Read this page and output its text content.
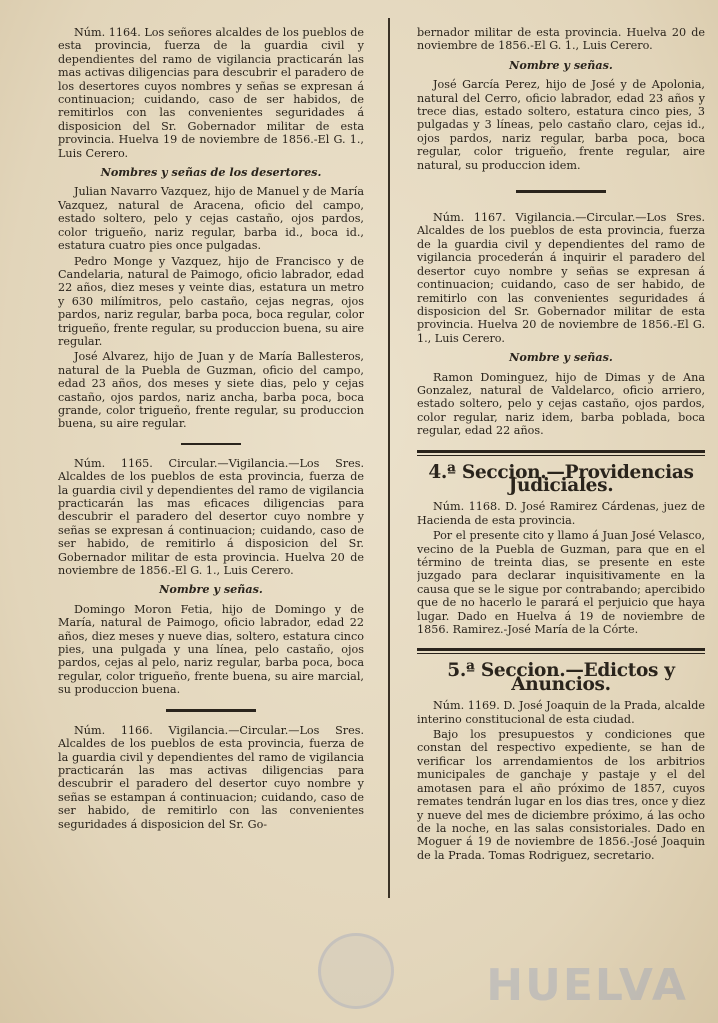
Núm. 1164. Los señores alcaldes de los pueblos de esta provincia, fuerza de la guardia civil y dependientes del ramo de vigilancia practicarán las mas activas diligencias para descubrir el paradero de los desertores cuyos nombres y señas se expresan á continuacion; cuidando, caso de ser habidos, de remitirlos con las convenientes seguridades á disposicion del Sr. Gobernador militar de esta provincia. Huelva 19 de noviembre de 1856.-El G. 1., Luis Cerero.

Nombres y señas de los desertores.

Julian Navarro Vazquez, hijo de Manuel y de María Vazquez, natural de Aracena, oficio del campo, estado soltero, pelo y cejas castaño, ojos pardos, color trigueño, nariz regular, barba id., boca id., estatura cuatro pies once pulgadas.

Pedro Monge y Vazquez, hijo de Francisco y de Candelaria, natural de Paimogo, oficio labrador, edad 22 años, diez meses y veinte dias, estatura un metro y 630 milímitros, pelo castaño, cejas negras, ojos pardos, nariz regular, barba poca, boca regular, color trigueño, frente regular, su produccion buena, su aire regular.

José Alvarez, hijo de Juan y de María Ballesteros, natural de la Puebla de Guzman, oficio del campo, edad 23 años, dos meses y siete dias, pelo y cejas castaño, ojos pardos, nariz ancha, barba poca, boca grande, color trigueño, frente regular, su produccion buena, su aire regular.

Núm. 1165. Circular.—Vigilancia.—Los Sres. Alcaldes de los pueblos de esta provincia, fuerza de la guardia civil y dependientes del ramo de vigilancia practicarán las mas eficaces diligencias para descubrir el paradero del desertor cuyo nombre y señas se expresan á continuacion; cuidando, caso de ser habido, de remitirlo á disposicion del Sr. Gobernador militar de esta provincia. Huelva 20 de noviembre de 1856.-El G. 1., Luis Cerero.

Nombre y señas.

Domingo Moron Fetia, hijo de Domingo y de María, natural de Paimogo, oficio labrador, edad 22 años, diez meses y nueve dias, soltero, estatura cinco pies, una pulgada y una línea, pelo castaño, ojos pardos, cejas al pelo, nariz regular, barba poca, boca regular, color trigueño, frente buena, su aire marcial, su produccion buena.

Núm. 1166. Vigilancia.—Circular.—Los Sres. Alcaldes de los pueblos de esta provincia, fuerza de la guardia civil y dependientes del ramo de vigilancia practicarán las mas activas diligencias para descubrir el paradero del desertor cuyo nombre y señas se estampan á continuacion; cuidando, caso de ser habido, de remitirlo con las convenientes seguridades á disposicion del Sr. Go-

bernador militar de esta provincia. Huelva 20 de noviembre de 1856.-El G. 1., Luis Cerero.

Nombre y señas.

José García Perez, hijo de José y de Apolonia, natural del Cerro, oficio labrador, edad 23 años y trece dias, estado soltero, estatura cinco pies, 3 pulgadas y 3 líneas, pelo castaño claro, cejas id., ojos pardos, nariz regular, barba poca, boca regular, color trigueño, frente regular, aire natural, su produccion idem.

Núm. 1167. Vigilancia.—Circular.—Los Sres. Alcaldes de los pueblos de esta provincia, fuerza de la guardia civil y dependientes del ramo de vigilancia procederán á inquirir el paradero del desertor cuyo nombre y señas se expresan á continuacion; cuidando, caso de ser habido, de remitirlo con las convenientes seguridades á disposicion del Sr. Gobernador militar de esta provincia. Huelva 20 de noviembre de 1856.-El G. 1., Luis Cerero.

Nombre y señas.

Ramon Dominguez, hijo de Dimas y de Ana Gonzalez, natural de Valdelarco, oficio arriero, estado soltero, pelo y cejas castaño, ojos pardos, color regular, nariz idem, barba poblada, boca regular, edad 22 años.

4.ª Seccion.—Providencias Judiciales.

Núm. 1168. D. José Ramirez Cárdenas, juez de Hacienda de esta provincia.

Por el presente cito y llamo á Juan José Velasco, vecino de la Puebla de Guzman, para que en el término de treinta dias, se presente en este juzgado para declarar inquisitivamente en la causa que se le sigue por contrabando; apercibido que de no hacerlo le parará el perjuicio que haya lugar. Dado en Huelva á 19 de noviembre de 1856. Ramirez.-José María de la Córte.

5.ª Seccion.—Edictos y Anuncios.

Núm. 1169. D. José Joaquin de la Prada, alcalde interino constitucional de esta ciudad.

Bajo los presupuestos y condiciones que constan del respectivo expediente, se han de verificar los arrendamientos de los arbitrios municipales de ganchaje y pastaje y el del amotasen para el año próximo de 1857, cuyos remates tendrán lugar en los dias tres, once y diez y nueve del mes de diciembre próximo, á las ocho de la noche, en las salas consistoriales. Dado en Moguer á 19 de noviembre de 1856.-José Joaquin de la Prada. Tomas Rodriguez, secretario.

HUELVA
